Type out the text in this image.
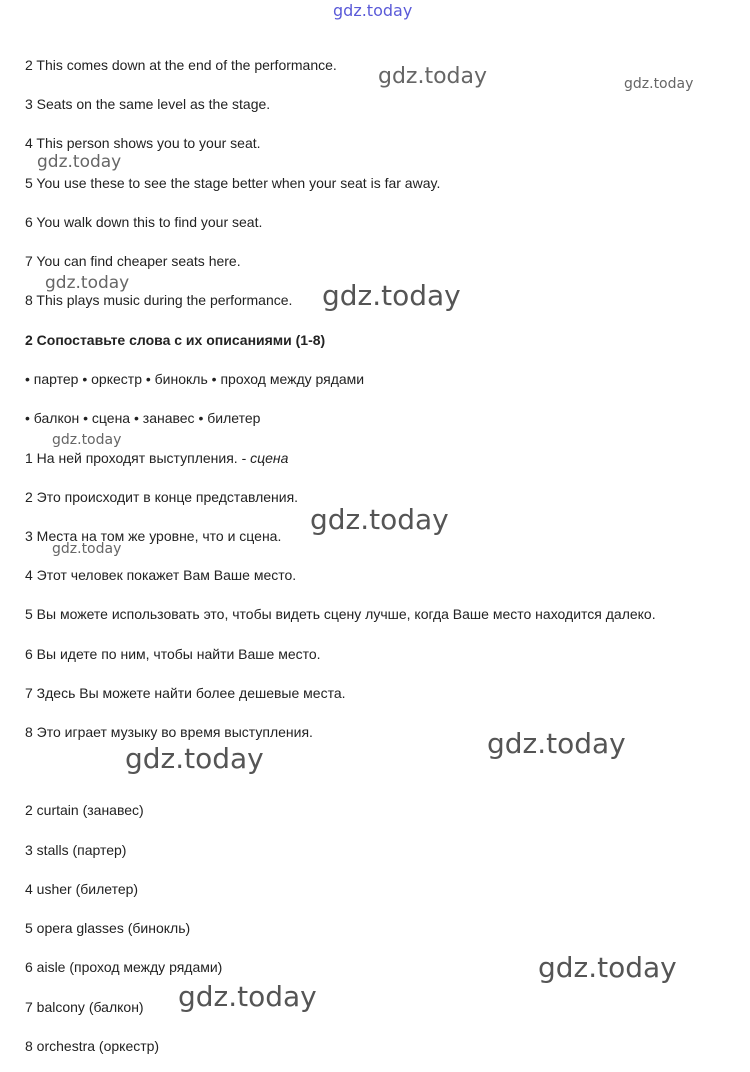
gdz.today
gdz.today	gdz.today
gdz.today
gdz.today	gdz.today
gdz.today
gdz.today
gdz.today
gdz.today
gdz.today
gdz.today
gdz.today
2 This comes down at the end of the performance.
3 Seats on the same level as the stage.
4 This person shows you to your seat.
5 You use these to see the stage better when your seat is far away.
6 You walk down this to find your seat.
7 You can find cheaper seats here.
8 This plays music during the performance.
2 Сопоставьте слова с их описаниями (1-8)
• партер • оркестр • бинокль • проход между рядами
• балкон • сцена • занавес • билетер
1 На ней проходят выступления. - сцена
2 Это происходит в конце представления.
3 Места на том же уровне, что и сцена.
4 Этот человек покажет Вам Ваше место.
5 Вы можете использовать это, чтобы видеть сцену лучше, когда Ваше место находится далеко.
6 Вы идете по ним, чтобы найти Ваше место.
7 Здесь Вы можете найти более дешевые места.
8 Это играет музыку во время выступления.
2 curtain (занавес)
3 stalls (партер)
4 usher (билетер)
5 opera glasses (бинокль)
6 aisle (проход между рядами)
7 balcony (балкон)
8 orchestra (оркестр)
